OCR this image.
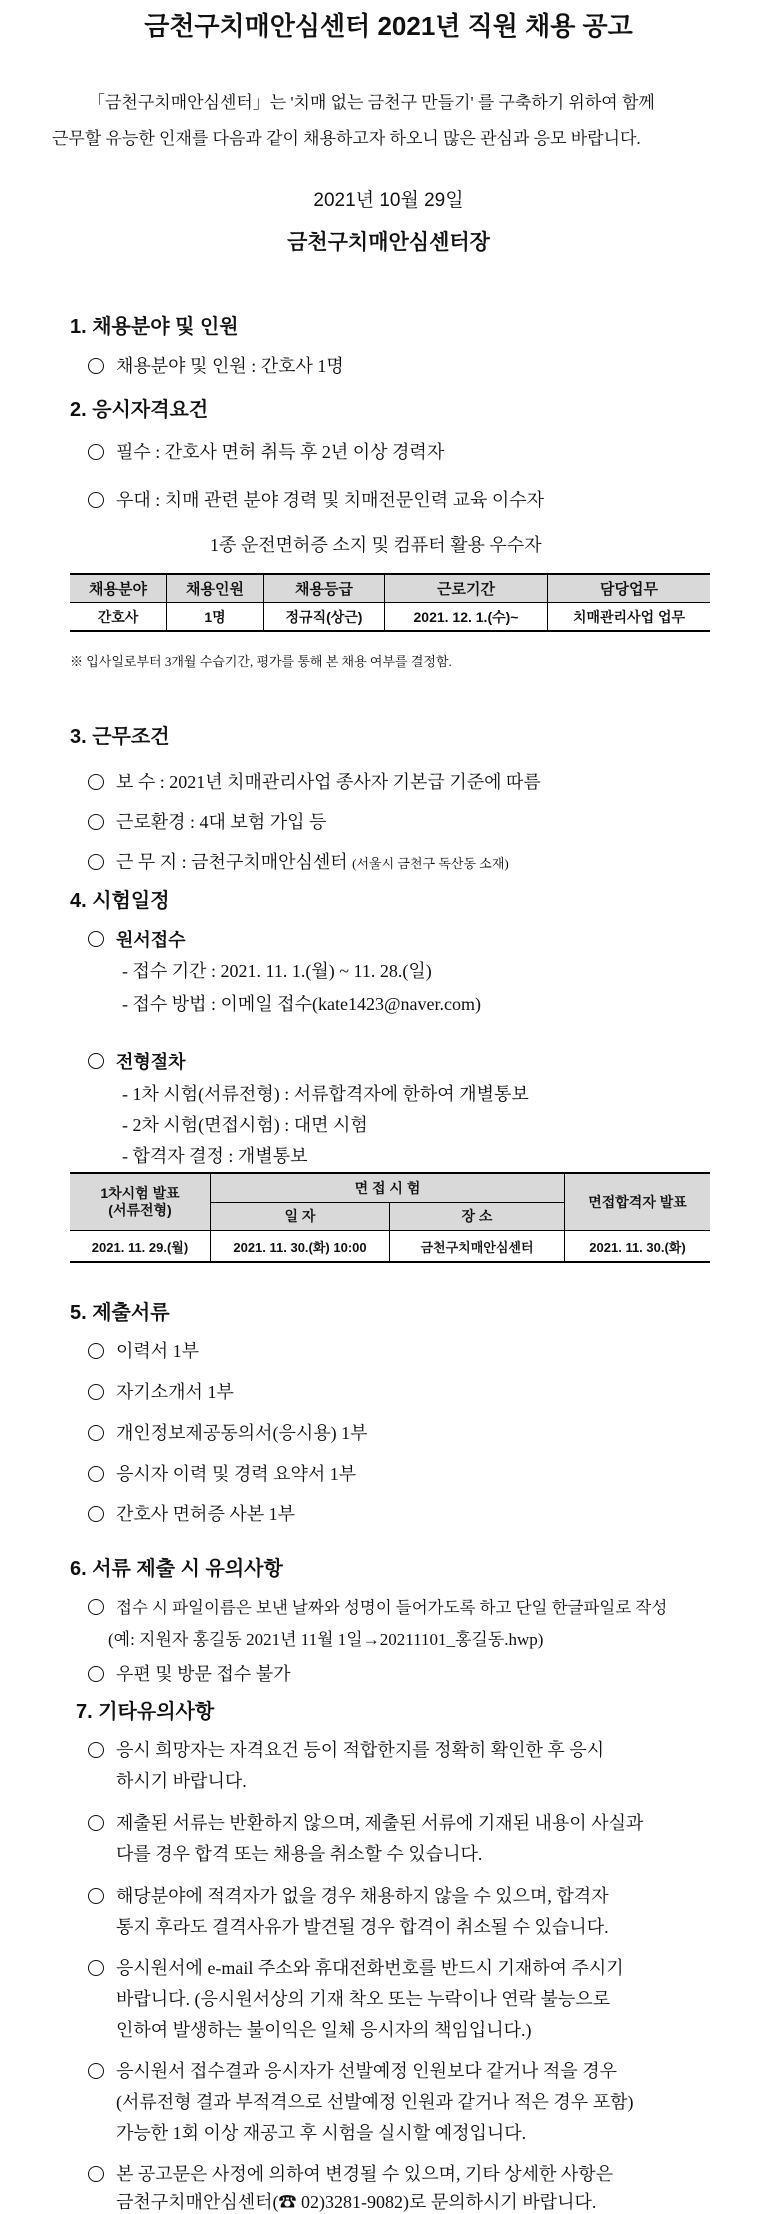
금천구치매안심센터 2021년 직원 채용 공고
「금천구치매안심센터」는 '치매 없는 금천구 만들기' 를 구축하기 위하여 함께
근무할 유능한 인재를 다음과 같이 채용하고자 하오니 많은 관심과 응모 바랍니다.
2021년 10월 29일
금천구치매안심센터장
1. 채용분야 및 인원
채용분야 및 인원 : 간호사 1명
2. 응시자격요건
필수 : 간호사 면허 취득 후 2년 이상 경력자
우대 : 치매 관련 분야 경력 및 치매전문인력 교육 이수자
1종 운전면허증 소지 및 컴퓨터 활용 우수자
채용분야	채용인원	채용등급	근로기간	담당업무
간호사	1명	정규직(상근)	2021. 12. 1.(수)~	치매관리사업 업무
※ 입사일로부터 3개월 수습기간, 평가를 통해 본 채용 여부를 결정함.
3. 근무조건
보 수 : 2021년 치매관리사업 종사자 기본급 기준에 따름
근로환경 : 4대 보험 가입 등
근 무 지 : 금천구치매안심센터 (서울시 금천구 독산동 소재)
4. 시험일정
원서접수
- 접수 기간 : 2021. 11. 1.(월) ~ 11. 28.(일)
- 접수 방법 : 이메일 접수(kate1423@naver.com)
전형절차
- 1차 시험(서류전형) : 서류합격자에 한하여 개별통보
- 2차 시험(면접시험) : 대면 시험
- 합격자 결정 : 개별통보
1차시험 발표
(서류전형)	면 접 시 험		면접합격자 발표
	일 자	장 소	
2021. 11. 29.(월)	2021. 11. 30.(화) 10:00	금천구치매안심센터	2021. 11. 30.(화)
5. 제출서류
이력서 1부
자기소개서 1부
개인정보제공동의서(응시용) 1부
응시자 이력 및 경력 요약서 1부
간호사 면허증 사본 1부
6. 서류 제출 시 유의사항
접수 시 파일이름은 보낸 날짜와 성명이 들어가도록 하고 단일 한글파일로 작성
(예: 지원자 홍길동 2021년 11월 1일→20211101_홍길동.hwp)
우편 및 방문 접수 불가
7. 기타유의사항
응시 희망자는 자격요건 등이 적합한지를 정확히 확인한 후 응시
하시기 바랍니다.
제출된 서류는 반환하지 않으며, 제출된 서류에 기재된 내용이 사실과
다를 경우 합격 또는 채용을 취소할 수 있습니다.
해당분야에 적격자가 없을 경우 채용하지 않을 수 있으며, 합격자
통지 후라도 결격사유가 발견될 경우 합격이 취소될 수 있습니다.
응시원서에 e-mail 주소와 휴대전화번호를 반드시 기재하여 주시기
바랍니다. (응시원서상의 기재 착오 또는 누락이나 연락 불능으로
인하여 발생하는 불이익은 일체 응시자의 책임입니다.)
응시원서 접수결과 응시자가 선발예정 인원보다 같거나 적을 경우
(서류전형 결과 부적격으로 선발예정 인원과 같거나 적은 경우 포함)
가능한 1회 이상 재공고 후 시험을 실시할 예정입니다.
본 공고문은 사정에 의하여 변경될 수 있으며, 기타 상세한 사항은
금천구치매안심센터(☎ 02)3281-9082)로 문의하시기 바랍니다.
